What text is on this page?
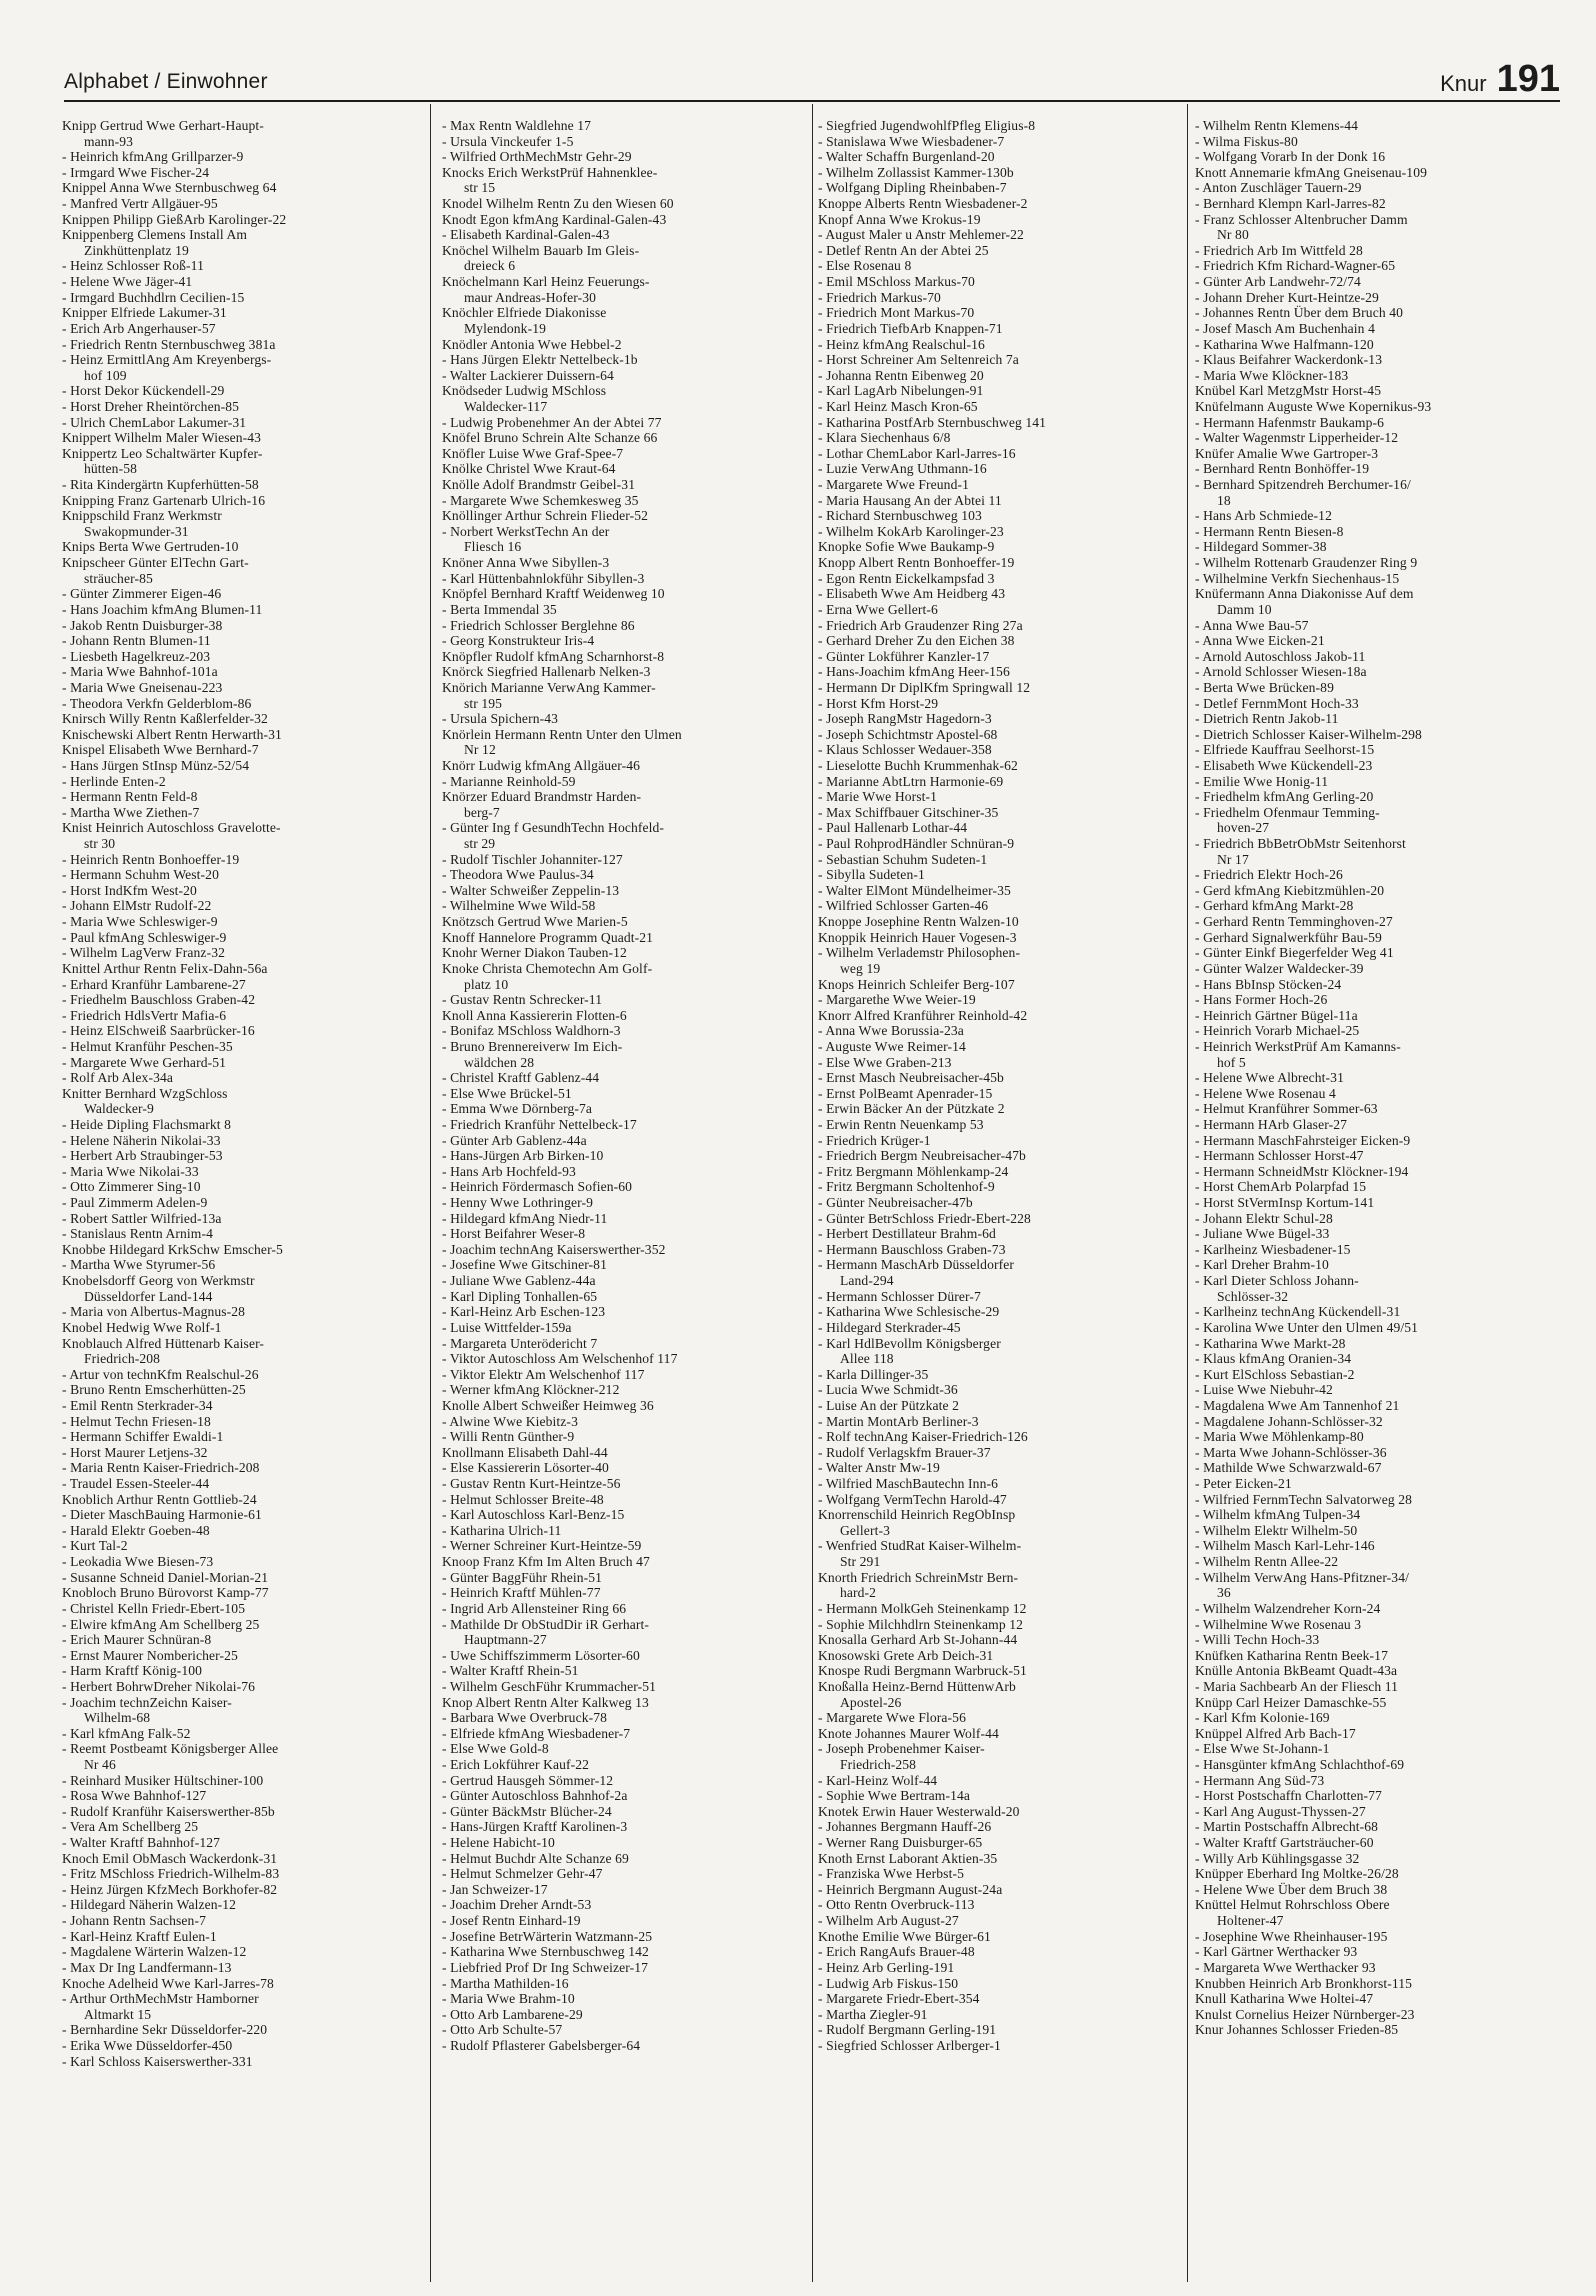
Alphabet / Einwohner	Knur 191
Knipp Gertrud Wwe Gerhart-Haupt-
mann-93
- Heinrich kfmAng Grillparzer-9
- Irmgard Wwe Fischer-24
Knippel Anna Wwe Sternbuschweg 64
- Manfred Vertr Allgäuer-95
Knippen Philipp GießArb Karolinger-22
Knippenberg Clemens Install Am
Zinkhüttenplatz 19
- Heinz Schlosser Roß-11
- Helene Wwe Jäger-41
- Irmgard Buchhdlrn Cecilien-15
Knipper Elfriede Lakumer-31
- Erich Arb Angerhauser-57
- Friedrich Rentn Sternbuschweg 381a
- Heinz ErmittlAng Am Kreyenbergs-
hof 109
- Horst Dekor Kückendell-29
- Horst Dreher Rheintörchen-85
- Ulrich ChemLabor Lakumer-31
Knippert Wilhelm Maler Wiesen-43
Knippertz Leo Schaltwärter Kupfer-
hütten-58
- Rita Kindergärtn Kupferhütten-58
Knipping Franz Gartenarb Ulrich-16
Knippschild Franz Werkmstr
Swakopmunder-31
Knips Berta Wwe Gertruden-10
Knipscheer Günter ElTechn Gart-
sträucher-85
- Günter Zimmerer Eigen-46
- Hans Joachim kfmAng Blumen-11
- Jakob Rentn Duisburger-38
- Johann Rentn Blumen-11
- Liesbeth Hagelkreuz-203
- Maria Wwe Bahnhof-101a
- Maria Wwe Gneisenau-223
- Theodora Verkfn Gelderblom-86
Knirsch Willy Rentn Kaßlerfelder-32
Knischewski Albert Rentn Herwarth-31
Knispel Elisabeth Wwe Bernhard-7
- Hans Jürgen StInsp Münz-52/54
- Herlinde Enten-2
- Hermann Rentn Feld-8
- Martha Wwe Ziethen-7
Knist Heinrich Autoschloss Gravelotte-
str 30
- Heinrich Rentn Bonhoeffer-19
- Hermann Schuhm West-20
- Horst IndKfm West-20
- Johann ElMstr Rudolf-22
- Maria Wwe Schleswiger-9
- Paul kfmAng Schleswiger-9
- Wilhelm LagVerw Franz-32
Knittel Arthur Rentn Felix-Dahn-56a
- Erhard Kranführ Lambarene-27
- Friedhelm Bauschloss Graben-42
- Friedrich HdlsVertr Mafia-6
- Heinz ElSchweiß Saarbrücker-16
- Helmut Kranführ Peschen-35
- Margarete Wwe Gerhard-51
- Rolf Arb Alex-34a
Knitter Bernhard WzgSchloss
Waldecker-9
- Heide Dipling Flachsmarkt 8
- Helene Näherin Nikolai-33
- Herbert Arb Straubinger-53
- Maria Wwe Nikolai-33
- Otto Zimmerer Sing-10
- Paul Zimmerm Adelen-9
- Robert Sattler Wilfried-13a
- Stanislaus Rentn Arnim-4
Knobbe Hildegard KrkSchw Emscher-5
- Martha Wwe Styrumer-56
Knobelsdorff Georg von Werkmstr
Düsseldorfer Land-144
- Maria von Albertus-Magnus-28
Knobel Hedwig Wwe Rolf-1
Knoblauch Alfred Hüttenarb Kaiser-
Friedrich-208
- Artur von technKfm Realschul-26
- Bruno Rentn Emscherhütten-25
- Emil Rentn Sterkrader-34
- Helmut Techn Friesen-18
- Hermann Schiffer Ewaldi-1
- Horst Maurer Letjens-32
- Maria Rentn Kaiser-Friedrich-208
- Traudel Essen-Steeler-44
Knoblich Arthur Rentn Gottlieb-24
- Dieter MaschBauing Harmonie-61
- Harald Elektr Goeben-48
- Kurt Tal-2
- Leokadia Wwe Biesen-73
- Susanne Schneid Daniel-Morian-21
Knobloch Bruno Bürovorst Kamp-77
- Christel Kelln Friedr-Ebert-105
- Elwire kfmAng Am Schellberg 25
- Erich Maurer Schnüran-8
- Ernst Maurer Nombericher-25
- Harm Kraftf König-100
- Herbert BohrwDreher Nikolai-76
- Joachim technZeichn Kaiser-
Wilhelm-68
- Karl kfmAng Falk-52
- Reemt Postbeamt Königsberger Allee
Nr 46
- Reinhard Musiker Hültschiner-100
- Rosa Wwe Bahnhof-127
- Rudolf Kranführ Kaiserswerther-85b
- Vera Am Schellberg 25
- Walter Kraftf Bahnhof-127
Knoch Emil ObMasch Wackerdonk-31
- Fritz MSchloss Friedrich-Wilhelm-83
- Heinz Jürgen KfzMech Borkhofer-82
- Hildegard Näherin Walzen-12
- Johann Rentn Sachsen-7
- Karl-Heinz Kraftf Eulen-1
- Magdalene Wärterin Walzen-12
- Max Dr Ing Landfermann-13
Knoche Adelheid Wwe Karl-Jarres-78
- Arthur OrthMechMstr Hamborner
Altmarkt 15
- Bernhardine Sekr Düsseldorfer-220
- Erika Wwe Düsseldorfer-450
- Karl Schloss Kaiserswerther-331
- Max Rentn Waldlehne 17
- Ursula Vinckeufer 1-5
- Wilfried OrthMechMstr Gehr-29
Knocks Erich WerkstPrüf Hahnenklee-
str 15
Knodel Wilhelm Rentn Zu den Wiesen 60
Knodt Egon kfmAng Kardinal-Galen-43
- Elisabeth Kardinal-Galen-43
Knöchel Wilhelm Bauarb Im Gleis-
dreieck 6
Knöchelmann Karl Heinz Feuerungs-
maur Andreas-Hofer-30
Knöchler Elfriede Diakonisse
Mylendonk-19
Knödler Antonia Wwe Hebbel-2
- Hans Jürgen Elektr Nettelbeck-1b
- Walter Lackierer Duissern-64
Knödseder Ludwig MSchloss
Waldecker-117
- Ludwig Probenehmer An der Abtei 77
Knöfel Bruno Schrein Alte Schanze 66
Knöfler Luise Wwe Graf-Spee-7
Knölke Christel Wwe Kraut-64
Knölle Adolf Brandmstr Geibel-31
- Margarete Wwe Schemkesweg 35
Knöllinger Arthur Schrein Flieder-52
- Norbert WerkstTechn An der
Fliesch 16
Knöner Anna Wwe Sibyllen-3
- Karl Hüttenbahnlokführ Sibyllen-3
Knöpfel Bernhard Kraftf Weidenweg 10
- Berta Immendal 35
- Friedrich Schlosser Berglehne 86
- Georg Konstrukteur Iris-4
Knöpfler Rudolf kfmAng Scharnhorst-8
Knörck Siegfried Hallenarb Nelken-3
Knörich Marianne VerwAng Kammer-
str 195
- Ursula Spichern-43
Knörlein Hermann Rentn Unter den Ulmen
Nr 12
Knörr Ludwig kfmAng Allgäuer-46
- Marianne Reinhold-59
Knörzer Eduard Brandmstr Harden-
berg-7
- Günter Ing f GesundhTechn Hochfeld-
str 29
- Rudolf Tischler Johanniter-127
- Theodora Wwe Paulus-34
- Walter Schweißer Zeppelin-13
- Wilhelmine Wwe Wild-58
Knötzsch Gertrud Wwe Marien-5
Knoff Hannelore Programm Quadt-21
Knohr Werner Diakon Tauben-12
Knoke Christa Chemotechn Am Golf-
platz 10
- Gustav Rentn Schrecker-11
Knoll Anna Kassiererin Flotten-6
- Bonifaz MSchloss Waldhorn-3
- Bruno Brennereiverw Im Eich-
wäldchen 28
- Christel Kraftf Gablenz-44
- Else Wwe Brückel-51
- Emma Wwe Dörnberg-7a
- Friedrich Kranführ Nettelbeck-17
- Günter Arb Gablenz-44a
- Hans-Jürgen Arb Birken-10
- Hans Arb Hochfeld-93
- Heinrich Fördermasch Sofien-60
- Henny Wwe Lothringer-9
- Hildegard kfmAng Niedr-11
- Horst Beifahrer Weser-8
- Joachim technAng Kaiserswerther-352
- Josefine Wwe Gitschiner-81
- Juliane Wwe Gablenz-44a
- Karl Dipling Tonhallen-65
- Karl-Heinz Arb Eschen-123
- Luise Wittfelder-159a
- Margareta Unterödericht 7
- Viktor Autoschloss Am Welschenhof 117
- Viktor Elektr Am Welschenhof 117
- Werner kfmAng Klöckner-212
Knolle Albert Schweißer Heimweg 36
- Alwine Wwe Kiebitz-3
- Willi Rentn Günther-9
Knollmann Elisabeth Dahl-44
- Else Kassiererin Lösorter-40
- Gustav Rentn Kurt-Heintze-56
- Helmut Schlosser Breite-48
- Karl Autoschloss Karl-Benz-15
- Katharina Ulrich-11
- Werner Schreiner Kurt-Heintze-59
Knoop Franz Kfm Im Alten Bruch 47
- Günter BaggFühr Rhein-51
- Heinrich Kraftf Mühlen-77
- Ingrid Arb Allensteiner Ring 66
- Mathilde Dr ObStudDir iR Gerhart-
Hauptmann-27
- Uwe Schiffszimmerm Lösorter-60
- Walter Kraftf Rhein-51
- Wilhelm GeschFühr Krummacher-51
Knop Albert Rentn Alter Kalkweg 13
- Barbara Wwe Overbruck-78
- Elfriede kfmAng Wiesbadener-7
- Else Wwe Gold-8
- Erich Lokführer Kauf-22
- Gertrud Hausgeh Sömmer-12
- Günter Autoschloss Bahnhof-2a
- Günter BäckMstr Blücher-24
- Hans-Jürgen Kraftf Karolinen-3
- Helene Habicht-10
- Helmut Buchdr Alte Schanze 69
- Helmut Schmelzer Gehr-47
- Jan Schweizer-17
- Joachim Dreher Arndt-53
- Josef Rentn Einhard-19
- Josefine BetrWärterin Watzmann-25
- Katharina Wwe Sternbuschweg 142
- Liebfried Prof Dr Ing Schweizer-17
- Martha Mathilden-16
- Maria Wwe Brahm-10
- Otto Arb Lambarene-29
- Otto Arb Schulte-57
- Rudolf Pflasterer Gabelsberger-64
- Siegfried JugendwohlfPfleg Eligius-8
- Stanislawa Wwe Wiesbadener-7
- Walter Schaffn Burgenland-20
- Wilhelm Zollassist Kammer-130b
- Wolfgang Dipling Rheinbaben-7
Knoppe Alberts Rentn Wiesbadener-2
Knopf Anna Wwe Krokus-19
- August Maler u Anstr Mehlemer-22
- Detlef Rentn An der Abtei 25
- Else Rosenau 8
- Emil MSchloss Markus-70
- Friedrich Markus-70
- Friedrich Mont Markus-70
- Friedrich TiefbArb Knappen-71
- Heinz kfmAng Realschul-16
- Horst Schreiner Am Seltenreich 7a
- Johanna Rentn Eibenweg 20
- Karl LagArb Nibelungen-91
- Karl Heinz Masch Kron-65
- Katharina PostfArb Sternbuschweg 141
- Klara Siechenhaus 6/8
- Lothar ChemLabor Karl-Jarres-16
- Luzie VerwAng Uthmann-16
- Margarete Wwe Freund-1
- Maria Hausang An der Abtei 11
- Richard Sternbuschweg 103
- Wilhelm KokArb Karolinger-23
Knopke Sofie Wwe Baukamp-9
Knopp Albert Rentn Bonhoeffer-19
- Egon Rentn Eickelkampsfad 3
- Elisabeth Wwe Am Heidberg 43
- Erna Wwe Gellert-6
- Friedrich Arb Graudenzer Ring 27a
- Gerhard Dreher Zu den Eichen 38
- Günter Lokführer Kanzler-17
- Hans-Joachim kfmAng Heer-156
- Hermann Dr DiplKfm Springwall 12
- Horst Kfm Horst-29
- Joseph RangMstr Hagedorn-3
- Joseph Schichtmstr Apostel-68
- Klaus Schlosser Wedauer-358
- Lieselotte Buchh Krummenhak-62
- Marianne AbtLtrn Harmonie-69
- Marie Wwe Horst-1
- Max Schiffbauer Gitschiner-35
- Paul Hallenarb Lothar-44
- Paul RohprodHändler Schnüran-9
- Sebastian Schuhm Sudeten-1
- Sibylla Sudeten-1
- Walter ElMont Mündelheimer-35
- Wilfried Schlosser Garten-46
Knoppe Josephine Rentn Walzen-10
Knoppik Heinrich Hauer Vogesen-3
- Wilhelm Verlademstr Philosophen-
weg 19
Knops Heinrich Schleifer Berg-107
- Margarethe Wwe Weier-19
Knorr Alfred Kranführer Reinhold-42
- Anna Wwe Borussia-23a
- Auguste Wwe Reimer-14
- Else Wwe Graben-213
- Ernst Masch Neubreisacher-45b
- Ernst PolBeamt Apenrader-15
- Erwin Bäcker An der Pützkate 2
- Erwin Rentn Neuenkamp 53
- Friedrich Krüger-1
- Friedrich Bergm Neubreisacher-47b
- Fritz Bergmann Möhlenkamp-24
- Fritz Bergmann Scholtenhof-9
- Günter Neubreisacher-47b
- Günter BetrSchloss Friedr-Ebert-228
- Herbert Destillateur Brahm-6d
- Hermann Bauschloss Graben-73
- Hermann MaschArb Düsseldorfer
Land-294
- Hermann Schlosser Dürer-7
- Katharina Wwe Schlesische-29
- Hildegard Sterkrader-45
- Karl HdlBevollm Königsberger
Allee 118
- Karla Dillinger-35
- Lucia Wwe Schmidt-36
- Luise An der Pützkate 2
- Martin MontArb Berliner-3
- Rolf technAng Kaiser-Friedrich-126
- Rudolf Verlagskfm Brauer-37
- Walter Anstr Mw-19
- Wilfried MaschBautechn Inn-6
- Wolfgang VermTechn Harold-47
Knorrenschild Heinrich RegObInsp
Gellert-3
- Wenfried StudRat Kaiser-Wilhelm-
Str 291
Knorth Friedrich SchreinMstr Bern-
hard-2
- Hermann MolkGeh Steinenkamp 12
- Sophie Milchhdlrn Steinenkamp 12
Knosalla Gerhard Arb St-Johann-44
Knosowski Grete Arb Deich-31
Knospe Rudi Bergmann Warbruck-51
Knoßalla Heinz-Bernd HüttenwArb
Apostel-26
- Margarete Wwe Flora-56
Knote Johannes Maurer Wolf-44
- Joseph Probenehmer Kaiser-
Friedrich-258
- Karl-Heinz Wolf-44
- Sophie Wwe Bertram-14a
Knotek Erwin Hauer Westerwald-20
- Johannes Bergmann Hauff-26
- Werner Rang Duisburger-65
Knoth Ernst Laborant Aktien-35
- Franziska Wwe Herbst-5
- Heinrich Bergmann August-24a
- Otto Rentn Overbruck-113
- Wilhelm Arb August-27
Knothe Emilie Wwe Bürger-61
- Erich RangAufs Brauer-48
- Heinz Arb Gerling-191
- Ludwig Arb Fiskus-150
- Margarete Friedr-Ebert-354
- Martha Ziegler-91
- Rudolf Bergmann Gerling-191
- Siegfried Schlosser Arlberger-1
- Wilhelm Rentn Klemens-44
- Wilma Fiskus-80
- Wolfgang Vorarb In der Donk 16
Knott Annemarie kfmAng Gneisenau-109
- Anton Zuschläger Tauern-29
- Bernhard Klempn Karl-Jarres-82
- Franz Schlosser Altenbrucher Damm
Nr 80
- Friedrich Arb Im Wittfeld 28
- Friedrich Kfm Richard-Wagner-65
- Günter Arb Landwehr-72/74
- Johann Dreher Kurt-Heintze-29
- Johannes Rentn Über dem Bruch 40
- Josef Masch Am Buchenhain 4
- Katharina Wwe Halfmann-120
- Klaus Beifahrer Wackerdonk-13
- Maria Wwe Klöckner-183
Knübel Karl MetzgMstr Horst-45
Knüfelmann Auguste Wwe Kopernikus-93
- Hermann Hafenmstr Baukamp-6
- Walter Wagenmstr Lipperheider-12
Knüfer Amalie Wwe Gartroper-3
- Bernhard Rentn Bonhöffer-19
- Bernhard Spitzendreh Berchumer-16/
18
- Hans Arb Schmiede-12
- Hermann Rentn Biesen-8
- Hildegard Sommer-38
- Wilhelm Rottenarb Graudenzer Ring 9
- Wilhelmine Verkfn Siechenhaus-15
Knüfermann Anna Diakonisse Auf dem
Damm 10
- Anna Wwe Bau-57
- Anna Wwe Eicken-21
- Arnold Autoschloss Jakob-11
- Arnold Schlosser Wiesen-18a
- Berta Wwe Brücken-89
- Detlef FernmMont Hoch-33
- Dietrich Rentn Jakob-11
- Dietrich Schlosser Kaiser-Wilhelm-298
- Elfriede Kauffrau Seelhorst-15
- Elisabeth Wwe Kückendell-23
- Emilie Wwe Honig-11
- Friedhelm kfmAng Gerling-20
- Friedhelm Ofenmaur Temming-
hoven-27
- Friedrich BbBetrObMstr Seitenhorst
Nr 17
- Friedrich Elektr Hoch-26
- Gerd kfmAng Kiebitzmühlen-20
- Gerhard kfmAng Markt-28
- Gerhard Rentn Temminghoven-27
- Gerhard Signalwerkführ Bau-59
- Günter Einkf Biegerfelder Weg 41
- Günter Walzer Waldecker-39
- Hans BbInsp Stöcken-24
- Hans Former Hoch-26
- Heinrich Gärtner Bügel-11a
- Heinrich Vorarb Michael-25
- Heinrich WerkstPrüf Am Kamanns-
hof 5
- Helene Wwe Albrecht-31
- Helene Wwe Rosenau 4
- Helmut Kranführer Sommer-63
- Hermann HArb Glaser-27
- Hermann MaschFahrsteiger Eicken-9
- Hermann Schlosser Horst-47
- Hermann SchneidMstr Klöckner-194
- Horst ChemArb Polarpfad 15
- Horst StVermInsp Kortum-141
- Johann Elektr Schul-28
- Juliane Wwe Bügel-33
- Karlheinz Wiesbadener-15
- Karl Dreher Brahm-10
- Karl Dieter Schloss Johann-
Schlösser-32
- Karlheinz technAng Kückendell-31
- Karolina Wwe Unter den Ulmen 49/51
- Katharina Wwe Markt-28
- Klaus kfmAng Oranien-34
- Kurt ElSchloss Sebastian-2
- Luise Wwe Niebuhr-42
- Magdalena Wwe Am Tannenhof 21
- Magdalene Johann-Schlösser-32
- Maria Wwe Möhlenkamp-80
- Marta Wwe Johann-Schlösser-36
- Mathilde Wwe Schwarzwald-67
- Peter Eicken-21
- Wilfried FernmTechn Salvatorweg 28
- Wilhelm kfmAng Tulpen-34
- Wilhelm Elektr Wilhelm-50
- Wilhelm Masch Karl-Lehr-146
- Wilhelm Rentn Allee-22
- Wilhelm VerwAng Hans-Pfitzner-34/
36
- Wilhelm Walzendreher Korn-24
- Wilhelmine Wwe Rosenau 3
- Willi Techn Hoch-33
Knüfken Katharina Rentn Beek-17
Knülle Antonia BkBeamt Quadt-43a
- Maria Sachbearb An der Fliesch 11
Knüpp Carl Heizer Damaschke-55
- Karl Kfm Kolonie-169
Knüppel Alfred Arb Bach-17
- Else Wwe St-Johann-1
- Hansgünter kfmAng Schlachthof-69
- Hermann Ang Süd-73
- Horst Postschaffn Charlotten-77
- Karl Ang August-Thyssen-27
- Martin Postschaffn Albrecht-68
- Walter Kraftf Gartsträucher-60
- Willy Arb Kühlingsgasse 32
Knüpper Eberhard Ing Moltke-26/28
- Helene Wwe Über dem Bruch 38
Knüttel Helmut Rohrschloss Obere
Holtener-47
- Josephine Wwe Rheinhauser-195
- Karl Gärtner Werthacker 93
- Margareta Wwe Werthacker 93
Knubben Heinrich Arb Bronkhorst-115
Knull Katharina Wwe Holtei-47
Knulst Cornelius Heizer Nürnberger-23
Knur Johannes Schlosser Frieden-85
